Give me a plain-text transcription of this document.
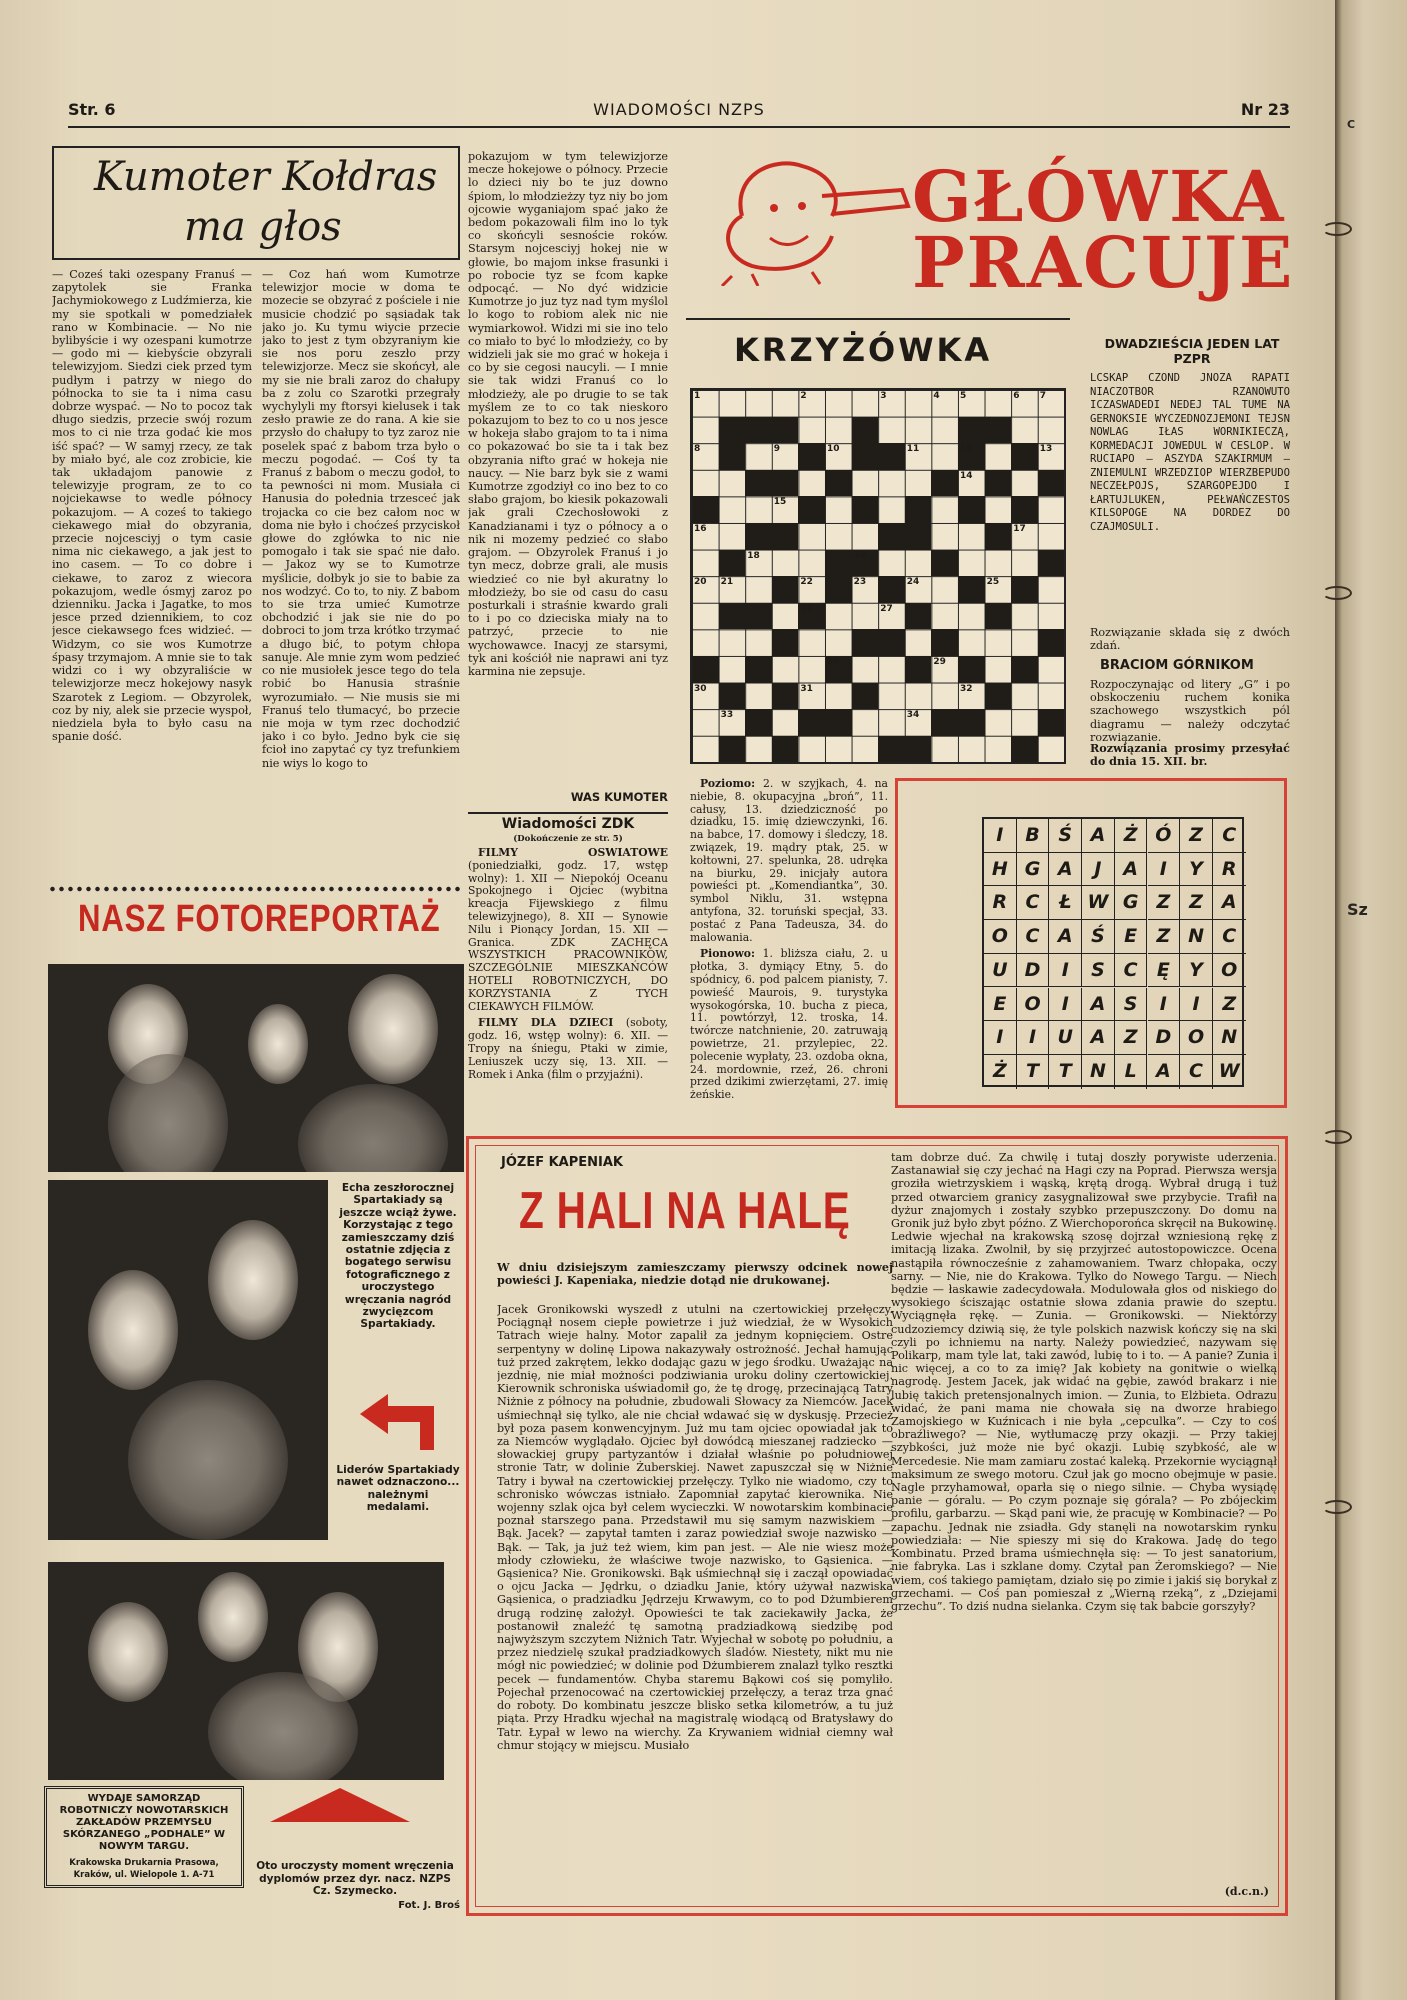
C
Sz
Str. 6	WIADOMOŚCI NZPS	Nr 23
Kumoter Kołdras
ma głos
— Coześ taki ozespany Franuś — zapytolek sie Franka Jachymiokowego z Ludźmierza, kie my sie spotkali w pomedziałek rano w Kombinacie. — No nie bylibyście i wy ozespani kumotrze — godo mi — kiebyście obzyrali telewizyjom. Siedzi ciek przed tym pudłym i patrzy w niego do północka to sie ta i nima casu dobrze wyspać. — No to pocoz tak długo siedzis, przecie swój rozum mos to ci nie trza godać kie mos iść spać? — W samyj rzecy, ze tak by miało być, ale coz zrobicie, kie tak układajom panowie z telewizyje program, ze to co nojciekawse to wedle północy pokazujom. — A coześ to takiego ciekawego miał do obzyrania, przecie nojcesciyj o tym casie nima nic ciekawego, a jak jest to ino casem. — To co dobre i ciekawe, to zaroz z wiecora pokazujom, wedle ósmyj zaroz po dzienniku. Jacka i Jagatke, to mos jesce przed dziennikiem, to coz jesce ciekawsego fces widzieć. — Widzym, co sie wos Kumotrze śpasy trzymajom. A mnie sie to tak widzi co i wy obzyraliście w telewizjorze mecz hokejowy nasyk Szarotek z Legiom. — Obzyrolek, coz by niy, alek sie przecie wyspoł, niedziela była to było casu na spanie dość.
— Coz hań wom Kumotrze telewizjor mocie w doma te mozecie se obzyrać z pościele i nie musicie chodzić po sąsiadak tak jako jo. Ku tymu wiycie przecie jako to jest z tym obzyraniym kie sie nos poru zeszło przy telewizjorze. Mecz sie skońcył, ale my sie nie brali zaroz do chałupy ba z zolu co Szarotki przegrały wychylyli my ftorsyi kielusek i tak zesło prawie ze do rana. A kie sie przysło do chałupy to tyz zaroz nie poselek spać z babom trza było o meczu pogodać. — Coś ty ta Franuś z babom o meczu godoł, to ta pewności ni mom. Musiała ci Hanusia do połednia trzesceć jak trojacka co cie bez całom noc w doma nie było i choćześ przyciskoł głowe do zgłówka to nic nie pomogało i tak sie spać nie dało. — Jakoz wy se to Kumotrze myślicie, dołbyk jo sie to babie za nos wodzyć. Co to, to niy. Z babom to sie trza umieć Kumotrze obchodzić i jak sie nie do po dobroci to jom trza krótko trzymać a długo bić, to potym chłopa sanuje. Ale mnie zym wom pedzieć co nie musiołek jesce tego do tela robić bo Hanusia straśnie wyrozumiało. — Nie musis sie mi Franuś telo tłumacyć, bo przecie nie moja w tym rzec dochodzić jako i co było. Jedno byk cie się fcioł ino zapytać cy tyz trefunkiem nie wiys lo kogo to
pokazujom w tym telewizjorze mecze hokejowe o północy. Przecie lo dzieci niy bo te juz downo śpiom, lo młodzieżzy tyz niy bo jom ojcowie wyganiajom spać jako że bedom pokazowali film ino lo tyk co skońcyli sesnoście roków. Starsym nojcesciyj hokej nie w głowie, bo majom inkse frasunki i po robocie tyz se fcom kapke odpocąć. — No dyć widzicie Kumotrze jo juz tyz nad tym myślol lo kogo to robiom alek nic nie wymiarkowoł. Widzi mi sie ino telo co miało to być lo młodzieży, co by widzieli jak sie mo grać w hokeja i co by sie cegosi naucyli. — I mnie sie tak widzi Franuś co lo młodzieży, ale po drugie to se tak myślem ze to co tak nieskoro pokazujom to bez to co u nos jesce w hokeja słabo grajom to ta i nima co pokazować bo sie ta i tak bez obzyrania nifto grać w hokeja nie naucy. — Nie barz byk sie z wami Kumotrze zgodziył co ino bez to co słabo grajom, bo kiesik pokazowali jak grali Czechosłowoki z Kanadzianami i tyz o północy a o nik ni mozemy pedzieć co słabo grajom. — Obzyrolek Franuś i jo tyn mecz, dobrze grali, ale musis wiedzieć co nie był akuratny lo młodzieży, bo sie od casu do casu posturkali i straśnie kwardo grali to i po co dzieciska miały na to patrzyć, przecie to nie wychowawce. Inacyj ze starsymi, tyk ani kościół nie naprawi ani tyz karmina nie zepsuje.
WAS KUMOTER
Wiadomości ZDK
(Dokończenie ze str. 5)

FILMY OŚWIATOWE (poniedziałki, godz. 17, wstęp wolny): 1. XII — Niepokój Oceanu Spokojnego i Ojciec (wybitna kreacja Fijewskiego z filmu telewizyjnego), 8. XII — Synowie Nilu i Pionący Jordan, 15. XII — Granica. ZDK ZACHĘCA WSZYSTKICH PRACOWNIKÓW, SZCZEGÓLNIE MIESZKAŃCÓW HOTELI ROBOTNICZYCH, DO KORZYSTANIA Z TYCH CIEKAWYCH FILMÓW.

FILMY DLA DZIECI (soboty, godz. 16, wstęp wolny): 6. XII. — Tropy na śniegu, Ptaki w zimie, Leniuszek uczy się, 13. XII. — Romek i Anka (film o przyjaźni).

NASZ FOTOREPORTAŻ
Echa zeszłorocznej Spartakiady są jeszcze wciąż żywe. Korzystając z tego zamieszczamy dziś ostatnie zdjęcia z bogatego serwisu fotograficznego z uroczystego wręczania nagród zwycięzcom Spartakiady.
Liderów Spartakiady nawet odznaczono... należnymi medalami.
WYDAJE SAMORZĄD ROBOTNICZY NOWOTARSKICH ZAKŁADÓW PRZEMYSŁU SKÓRZANEGO „PODHALE” W NOWYM TARGU.
Krakowska Drukarnia Prasowa, Kraków, ul. Wielopole 1. A-71
Oto uroczysty moment wręczenia dyplomów przez dyr. nacz. NZPS Cz. Szymecko.
Fot. J. Broś
GŁÓWKA
PRACUJE
KRZYŻÓWKA
1	2	3	4 5	6 7
8	9	10	11	12	13
14
15
16	17
18	19
20 21	22	23	24	25
26	27
28	29
30	31	32
33	34

Poziomo: 2. w szyjkach, 4. na niebie, 8. okupacyjna „broń”, 11. całusy, 13. dziedziczność po dziadku, 15. imię dziewczynki, 16. na babce, 17. domowy i śledczy, 18. związek, 19. mądry ptak, 25. w kołtowni, 27. spelunka, 28. udręka na biurku, 29. inicjały autora powieści pt. „Komendiantka”, 30. symbol Niklu, 31. wstępna antyfona, 32. toruński specjał, 33. postać z Pana Tadeusza, 34. do malowania.

Pionowo: 1. bliższa ciału, 2. u płotka, 3. dymiący Etny, 5. do spódnicy, 6. pod palcem pianisty, 7. powieść Maurois, 9. turystyka wysokogórska, 10. bucha z pieca, 11. powtórzył, 12. troska, 14. twórcze natchnienie, 20. zatruwają powietrze, 21. przylepiec, 22. polecenie wypłaty, 23. ozdoba okna, 24. mordownie, rzeź, 26. chroni przed dzikimi zwierzętami, 27. imię żeńskie.

DWADZIEŚCIA JEDEN LAT PZPR
LCSKAP CZOND JNOZA RAPATI NIACZOTBOR RZANOWUTO ICZASWADEDI NEDEJ TAL TUME NA GERNOKSIE WYCZEDNOZJEMONI TEJSN NOWLAG IŁAS WORNIKIECZĄ, KORMEDACJI JOWEDUL W CESLOP. W RUCIAPO — ASZYDA SZAKIRMUM — ZNIEMULNI WRZEDZIOP WIERZBEPUDO NECZEŁPOJS, SZARGOPEJDO I ŁARTUJLUKEN, PEŁWAŃCZESTOS KILSOPOGE NA DORDEZ DO CZAJMOSULI.
Rozwiązanie składa się z dwóch zdań.
BRACIOM GÓRNIKOM
Rozpoczynając od litery „G” i po obskoczeniu ruchem konika szachowego wszystkich pól diagramu — należy odczytać rozwiązanie.
Rozwiązania prosimy przesyłać do dnia 15. XII. br.
I	B Ś A Ż Ó Z	C
H G A	J	A	I	Y	R
R C	Ł W G Z Z A
O C A Ś	E	Z N C
U D	I	S C	Ę	Y O
E O	I	A S	I	I	Z
I	I	U A Z D O N
Ż	T	T N L	A C W
JÓZEF KAPENIAK
Z HALI NA HALĘ
W dniu dzisiejszym zamieszczamy pierwszy odcinek nowej powieści J. Kapeniaka, niedzie dotąd nie drukowanej.
Jacek Gronikowski wyszedł z utulni na czertowickiej przełęczy. Pociągnął nosem ciepłe powietrze i już wiedział, że w Wysokich Tatrach wieje halny. Motor zapalił za jednym kopnięciem. Ostre serpentyny w dolinę Lipowa nakazywały ostrożność. Jechał hamując tuż przed zakrętem, lekko dodając gazu w jego środku. Uważając na jezdnię, nie miał możności podziwiania uroku doliny czertowickiej. Kierownik schroniska uświadomił go, że tę drogę, przecinającą Tatry Niżnie z północy na południe, zbudowali Słowacy za Niemców. Jacek uśmiechnął się tylko, ale nie chciał wdawać się w dyskusję. Przecież był poza pasem konwencyjnym. Już mu tam ojciec opowiadał jak to za Niemców wyglądało. Ojciec był dowódcą mieszanej radziecko — słowackiej grupy partyzantów i działał właśnie po południowej stronie Tatr, w dolinie Żuberskiej. Nawet zapuszczał się w Niżnie Tatry i bywał na czertowickiej przełęczy. Tylko nie wiadomo, czy to schronisko wówczas istniało. Zapomniał zapytać kierownika. Nie wojenny szlak ojca był celem wycieczki. W nowotarskim kombinacie poznał starszego pana. Przedstawił mu się samym nazwiskiem — Bąk. Jacek? — zapytał tamten i zaraz powiedział swoje nazwisko — Bąk. — Tak, ja już też wiem, kim pan jest. — Ale nie wiesz może młody człowieku, że właściwe twoje nazwisko, to Gąsienica. — Gąsienica? Nie. Gronikowski. Bąk uśmiechnął się i zaczął opowiadać o ojcu Jacka — Jędrku, o dziadku Janie, który używał nazwiska Gąsienica, o pradziadku Jędrzeju Krwawym, co to pod Dżumbierem drugą rodzinę założył. Opowieści te tak zaciekawiły Jacka, że postanowił znaleźć tę samotną pradziadkową siedzibę pod najwyższym szczytem Niżnich Tatr. Wyjechał w sobotę po południu, a przez niedzielę szukał pradziadkowych śladów. Niestety, nikt mu nie mógł nic powiedzieć; w dolinie pod Dżumbierem znalazł tylko resztki pecek — fundamentów. Chyba staremu Bąkowi coś się pomyliło. Pojechał przenocować na czertowickiej przełęczy, a teraz trza gnać do roboty. Do kombinatu jeszcze blisko setka kilometrów, a tu już piąta. Przy Hradku wjechał na magistralę wiodącą od Bratysławy do Tatr. Łypał w lewo na wierchy. Za Krywaniem widniał ciemny wał chmur stojący w miejscu. Musiało
tam dobrze duć. Za chwilę i tutaj doszły porywiste uderzenia. Zastanawiał się czy jechać na Hagi czy na Poprad. Pierwsza wersja groziła wietrzyskiem i wąską, krętą drogą. Wybrał drugą i tuż przed otwarciem granicy zasygnalizował swe przybycie. Trafił na dyżur znajomych i zostały szybko przepuszczony. Do domu na Gronik już było zbyt późno. Z Wierchoporońca skręcił na Bukowinę. Ledwie wjechał na krakowską szosę dojrzał wzniesioną rękę z imitacją lizaka. Zwolnił, by się przyjrzeć autostopowiczce. Ocena nastąpiła równocześnie z zahamowaniem. Twarz chłopaka, oczy sarny. — Nie, nie do Krakowa. Tylko do Nowego Targu. — Niech będzie — łaskawie zadecydowała. Modulowała głos od niskiego do wysokiego ściszając ostatnie słowa zdania prawie do szeptu. Wyciągnęła rękę. — Zunia. — Gronikowski. — Niektórzy cudzoziemcy dziwią się, że tyle polskich nazwisk kończy się na ski czyli po ichniemu na narty. Należy powiedzieć, nazywam się Polikarp, mam tyle lat, taki zawód, lubię to i to. — A panie? Zunia i nic więcej, a co to za imię? Jak kobiety na gonitwie o wielką nagrodę. Jestem Jacek, jak widać na gębie, zawód brakarz i nie lubię takich pretensjonalnych imion. — Zunia, to Elżbieta. Odrazu widać, że pani mama nie chowała się na dworze hrabiego Zamojskiego w Kuźnicach i nie była „cepculka”. — Czy to coś obraźliwego? — Nie, wytłumaczę przy okazji. — Przy takiej szybkości, już może nie być okazji. Lubię szybkość, ale w Mercedesie. Nie mam zamiaru zostać kaleką. Przekornie wyciągnął maksimum ze swego motoru. Czuł jak go mocno obejmuje w pasie. Nagle przyhamował, oparła się o niego silnie. — Chyba wysiądę panie — góralu. — Po czym poznaje się górala? — Po zbójeckim profilu, garbarzu. — Skąd pani wie, że pracuję w Kombinacie? — Po zapachu. Jednak nie zsiadła. Gdy stanęli na nowotarskim rynku powiedziała: — Nie spieszy mi się do Krakowa. Jadę do tego Kombinatu. Przed brama uśmiechnęła się: — To jest sanatorium, nie fabryka. Las i szklane domy. Czytał pan Żeromskiego? — Nie wiem, coś takiego pamiętam, działo się po zimie i jakiś się borykał z grzechami. — Coś pan pomieszał z „Wierną rzeką”, z „Dziejami grzechu”. To dziś nudna sielanka. Czym się tak babcie gorszyły?
(d.c.n.)
